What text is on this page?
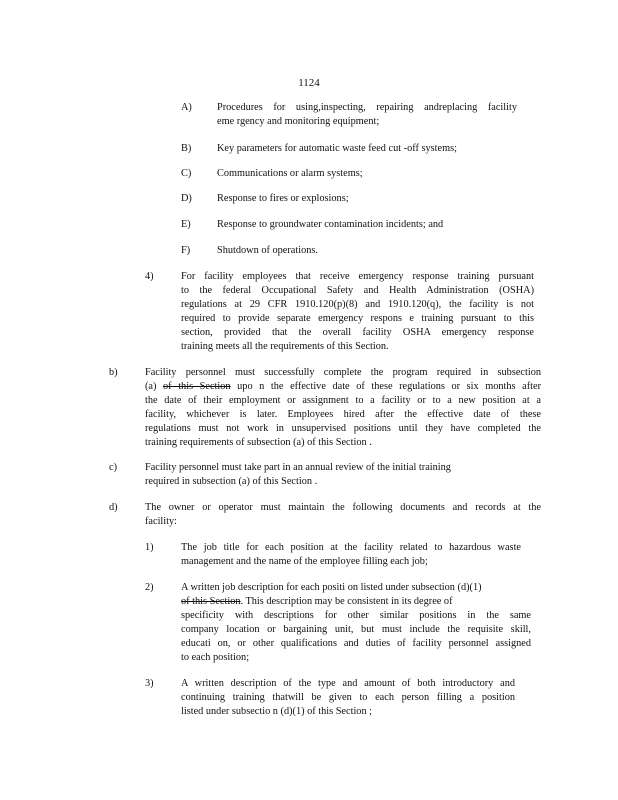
1124
A) Procedures for using,inspecting, repairing andreplacing facility
eme rgency and monitoring equipment;
B) Key parameters for automatic waste feed cut -off systems;
C) Communications or alarm systems;
D) Response to fires or explosions;
E)	Response to groundwater contamination incidents; and
F)	Shutdown of operations.
4)	For facility employees that receive emergency response training pursuant
to the federal Occupational Safety and Health Administration (OSHA)
regulations at 29 CFR 1910.120(p)(8) and 1910.120(q), the facility is not
required to provide separate emergency respons e training pursuant to this
section, provided that the overall facility OSHA emergency response
training meets all the requirements of this Section.
b)	Facility personnel must successfully complete the program required in subsection
(a) of this Section upo n the effective date of these regulations or six months after
the date of their employment or assignment to a facility or to a new position at a
facility, whichever is later. Employees hired after the effective date of these
regulations must not work in unsupervised positions until they have completed the
training requirements of subsection (a) of this Section .
c)	Facility personnel must take part in an annual review of the initial training
required in subsection (a) of this Section .
d)	The owner or operator must maintain the following documents and records at the
facility:
1)	The job title for each position at the facility related to hazardous waste
management and the name of the employee filling each job;
2)	A written job description for each positi on listed under subsection (d)(1)
of this Section. This description may be consistent in its degree of
specificity with descriptions for other similar positions in the same
company location or bargaining unit, but must include the requisite skill,
educati on, or other qualifications and duties of facility personnel assigned
to each position;
3)	A written description of the type and amount of both introductory and
continuing training thatwill be given to each person filling a position
listed under subsectio n (d)(1) of this Section ;
